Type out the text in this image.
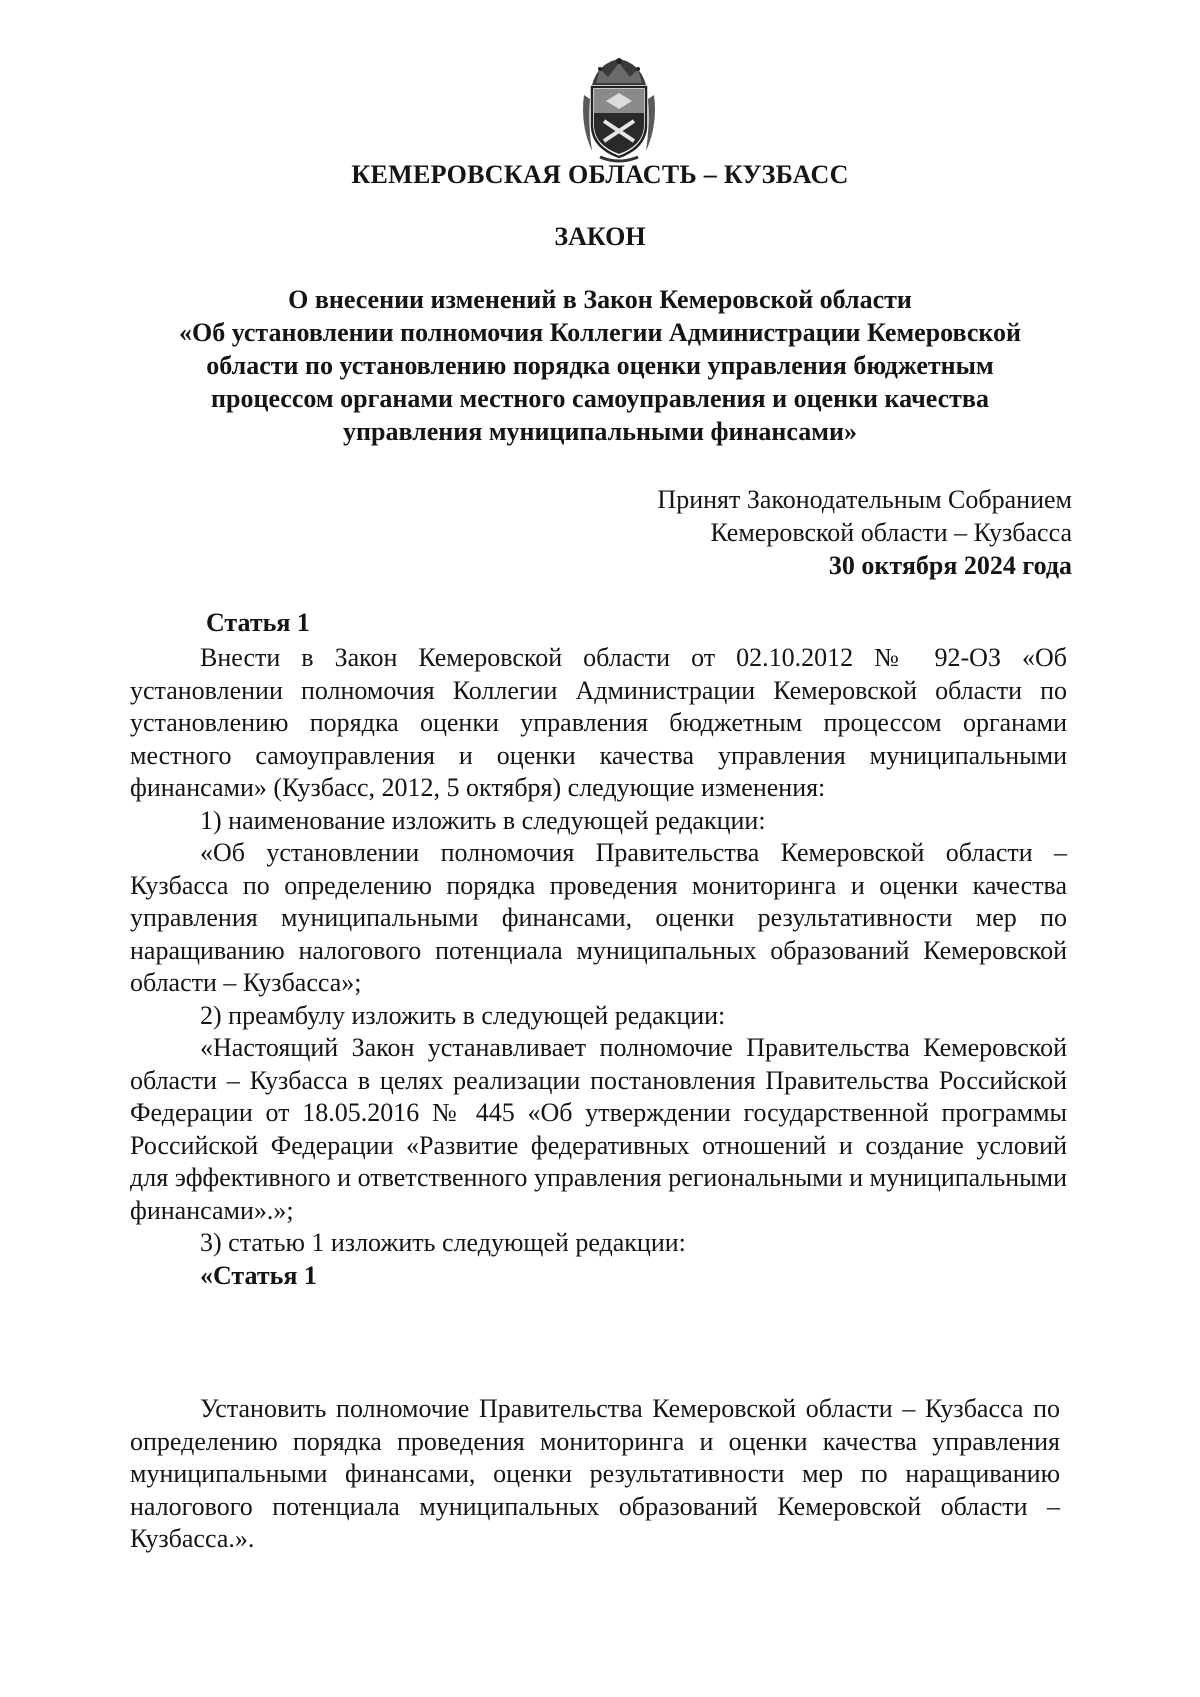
КЕМЕРОВСКАЯ ОБЛАСТЬ – КУЗБАСС
ЗАКОН
О внесении изменений в Закон Кемеровской области
«Об установлении полномочия Коллегии Администрации Кемеровской
области по установлению порядка оценки управления бюджетным
процессом органами местного самоуправления и оценки качества
управления муниципальными финансами»
Принят Законодательным Собранием
Кемеровской области – Кузбасса
30 октября 2024 года
Статья 1

Внести в Закон Кемеровской области от 02.10.2012 № 92-ОЗ «Об установлении полномочия Коллегии Администрации Кемеровской области по установлению порядка оценки управления бюджетным процессом органами местного самоуправления и оценки качества управления муниципальными финансами» (Кузбасс, 2012, 5 октября) следующие изменения:

1) наименование изложить в следующей редакции:

«Об установлении полномочия Правительства Кемеровской области – Кузбасса по определению порядка проведения мониторинга и оценки качества управления муниципальными финансами, оценки результативности мер по наращиванию налогового потенциала муниципальных образований Кемеровской области – Кузбасса»;

2) преамбулу изложить в следующей редакции:

«Настоящий Закон устанавливает полномочие Правительства Кемеровской области – Кузбасса в целях реализации постановления Правительства Российской Федерации от 18.05.2016 № 445 «Об утверждении государственной программы Российской Федерации «Развитие федеративных отношений и создание условий для эффективного и ответственного управления региональными и муниципальными финансами».»;

3) статью 1 изложить следующей редакции:

«Статья 1

Установить полномочие Правительства Кемеровской области – Кузбасса по определению порядка проведения мониторинга и оценки качества управления муниципальными финансами, оценки результативности мер по наращиванию налогового потенциала муниципальных образований Кемеровской области – Кузбасса.».
